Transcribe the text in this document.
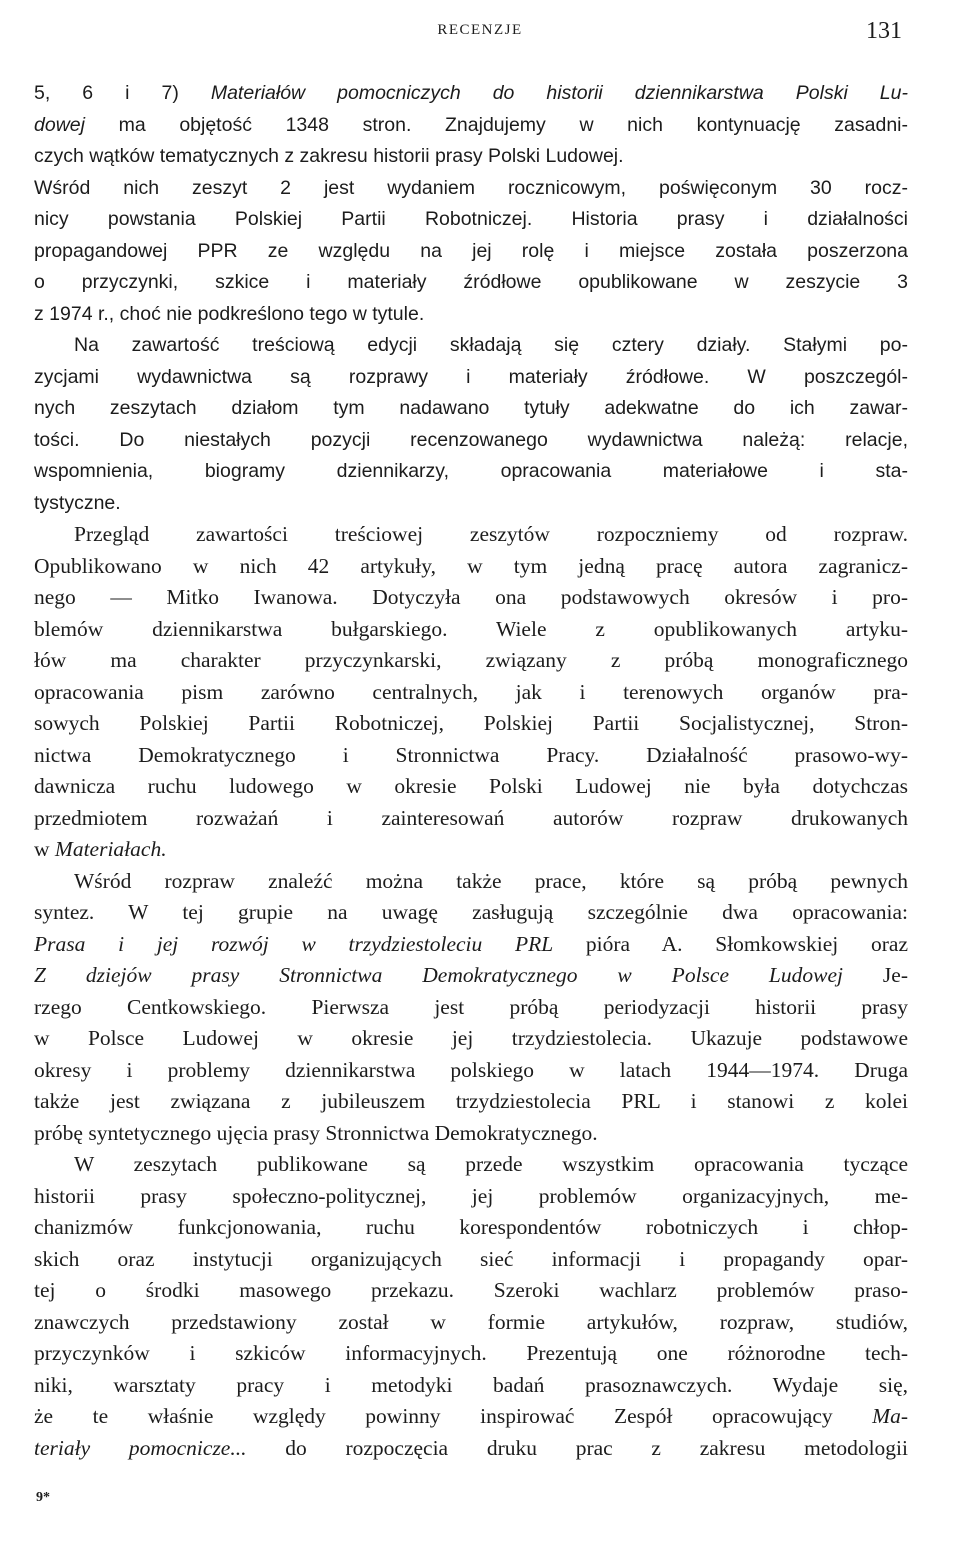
RECENZJE	131
5, 6 i 7) Materiałów pomocniczych do historii dziennikarstwa Polski Lu-
dowej ma objętość 1348 stron. Znajdujemy w nich kontynuację zasadni-
czych wątków tematycznych z zakresu historii prasy Polski Ludowej.
Wśród nich zeszyt 2 jest wydaniem rocznicowym, poświęconym 30 rocz-
nicy powstania Polskiej Partii Robotniczej. Historia prasy i działalności
propagandowej PPR ze względu na jej rolę i miejsce została poszerzona
o przyczynki, szkice i materiały źródłowe opublikowane w zeszycie 3
z 1974 r., choć nie podkreślono tego w tytule.
Na zawartość treściową edycji składają się cztery działy. Stałymi po-
zycjami wydawnictwa są rozprawy i materiały źródłowe. W poszczegól-
nych zeszytach działom tym nadawano tytuły adekwatne do ich zawar-
tości. Do niestałych pozycji recenzowanego wydawnictwa należą: relacje,
wspomnienia, biogramy dziennikarzy, opracowania materiałowe i sta-
tystyczne.
Przegląd zawartości treściowej zeszytów rozpoczniemy od rozpraw.
Opublikowano w nich 42 artykuły, w tym jedną pracę autora zagranicz-
nego — Mitko Iwanowa. Dotyczyła ona podstawowych okresów i pro-
blemów dziennikarstwa bułgarskiego. Wiele z opublikowanych artyku-
łów ma charakter przyczynkarski, związany z próbą monograficznego
opracowania pism zarówno centralnych, jak i terenowych organów pra-
sowych Polskiej Partii Robotniczej, Polskiej Partii Socjalistycznej, Stron-
nictwa Demokratycznego i Stronnictwa Pracy. Działalność prasowo-wy-
dawnicza ruchu ludowego w okresie Polski Ludowej nie była dotychczas
przedmiotem rozważań i zainteresowań autorów rozpraw drukowanych
w Materiałach.
Wśród rozpraw znaleźć można także prace, które są próbą pewnych
syntez. W tej grupie na uwagę zasługują szczególnie dwa opracowania:
Prasa i jej rozwój w trzydziestoleciu PRL pióra A. Słomkowskiej oraz
Z dziejów prasy Stronnictwa Demokratycznego w Polsce Ludowej Je-
rzego Centkowskiego. Pierwsza jest próbą periodyzacji historii prasy
w Polsce Ludowej w okresie jej trzydziestolecia. Ukazuje podstawowe
okresy i problemy dziennikarstwa polskiego w latach 1944—1974. Druga
także jest związana z jubileuszem trzydziestolecia PRL i stanowi z kolei
próbę syntetycznego ujęcia prasy Stronnictwa Demokratycznego.
W zeszytach publikowane są przede wszystkim opracowania tyczące
historii prasy społeczno-politycznej, jej problemów organizacyjnych, me-
chanizmów funkcjonowania, ruchu korespondentów robotniczych i chłop-
skich oraz instytucji organizujących sieć informacji i propagandy opar-
tej o środki masowego przekazu. Szeroki wachlarz problemów praso-
znawczych przedstawiony został w formie artykułów, rozpraw, studiów,
przyczynków i szkiców informacyjnych. Prezentują one różnorodne tech-
niki, warsztaty pracy i metodyki badań prasoznawczych. Wydaje się,
że te właśnie względy powinny inspirować Zespół opracowujący Ma-
teriały pomocnicze... do rozpoczęcia druku prac z zakresu metodologii
9*
